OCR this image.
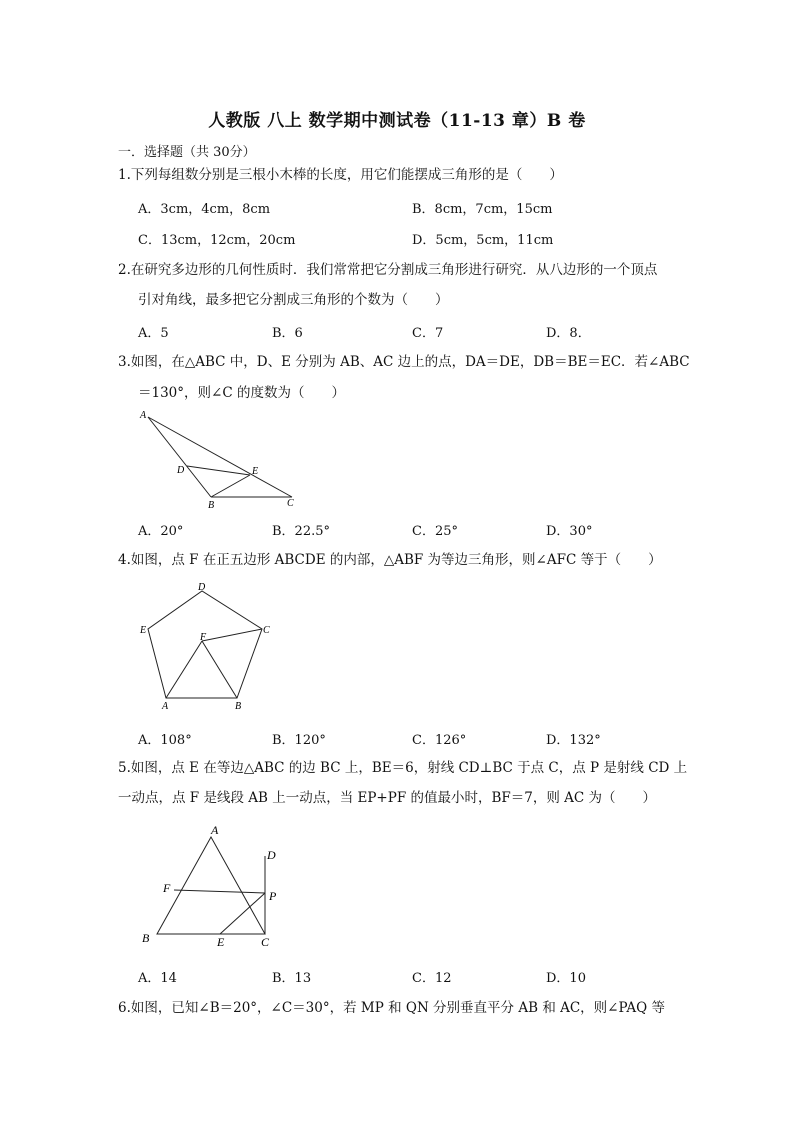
人教版 八上 数学期中测试卷（11-13 章）B 卷
一．选择题（共 30分）
1.下列每组数分别是三根小木棒的长度，用它们能摆成三角形的是（　　）
A．3cm，4cm，8cm	B．8cm，7cm，15cm
C．13cm，12cm，20cm	D．5cm，5cm，11cm
2.在研究多边形的几何性质时．我们常常把它分割成三角形进行研究．从八边形的一个顶点
引对角线，最多把它分割成三角形的个数为（　　）
A．5	B．6	C．7	D．8．
3.如图，在△ABC 中，D、E 分别为 AB、AC 边上的点，DA＝DE，DB＝BE＝EC．若∠ABC
＝130°，则∠C 的度数为（　　）
A
D	E
B	C
A．20°	B．22.5°	C．25°	D．30°
4.如图，点 F 在正五边形 ABCDE 的内部，△ABF 为等边三角形，则∠AFC 等于（　　）
D
E	C
F
A	B
A．108°	B．120°	C．126°	D．132°
5.如图，点 E 在等边△ABC 的边 BC 上，BE＝6，射线 CD⊥BC 于点 C，点 P 是射线 CD 上
一动点，点 F 是线段 AB 上一动点，当 EP+PF 的值最小时，BF＝7，则 AC 为（　　）
A
D
F
P
B	E	C
A．14	B．13	C．12	D．10
6.如图，已知∠B＝20°，∠C＝30°，若 MP 和 QN 分别垂直平分 AB 和 AC，则∠PAQ 等
